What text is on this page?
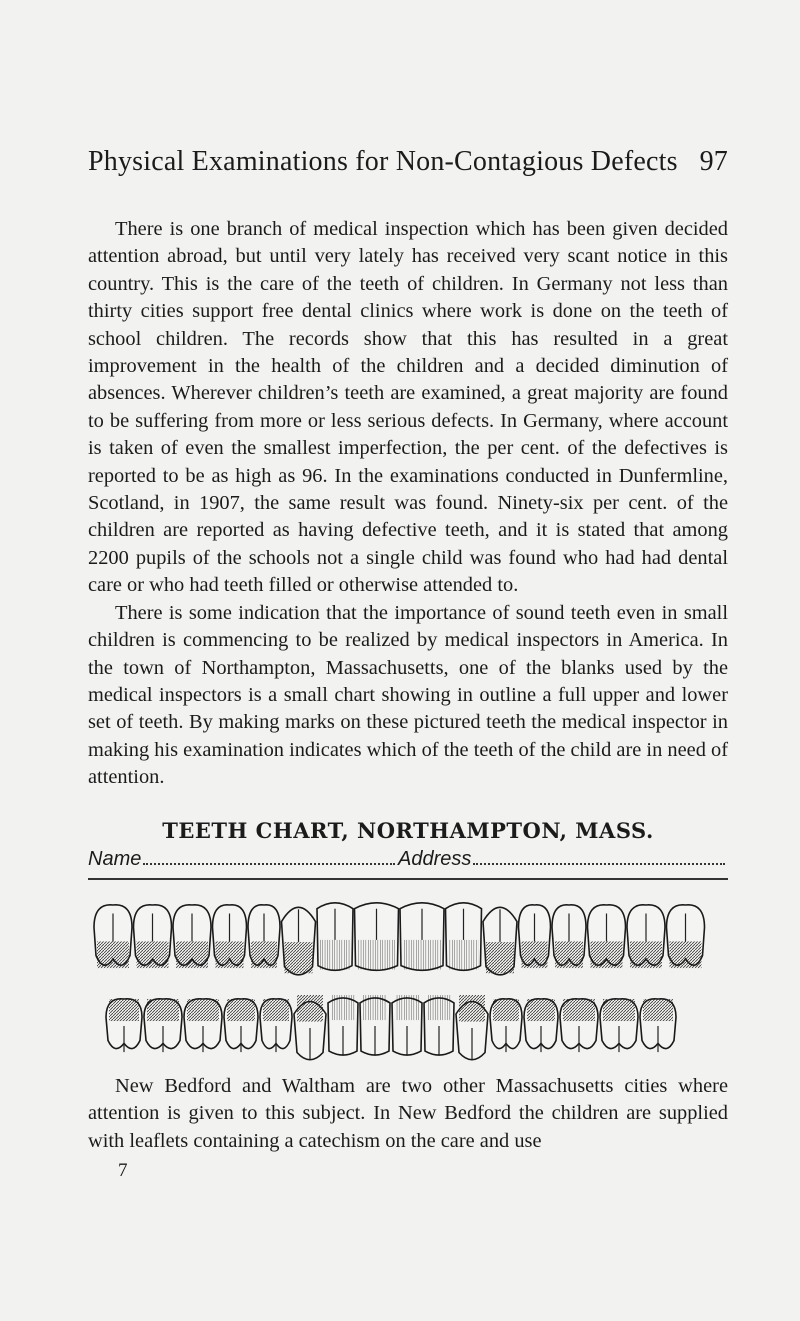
Physical Examinations for Non-Contagious Defects 97

There is one branch of medical inspection which has been given decided attention abroad, but until very lately has received very scant notice in this country. This is the care of the teeth of children. In Germany not less than thirty cities support free dental clinics where work is done on the teeth of school children. The records show that this has resulted in a great improvement in the health of the children and a decided diminution of absences. Wherever children’s teeth are examined, a great majority are found to be suffering from more or less serious defects. In Germany, where account is taken of even the smallest imperfection, the per cent. of the defectives is reported to be as high as 96. In the examinations conducted in Dunfermline, Scotland, in 1907, the same result was found. Ninety-six per cent. of the children are reported as having defective teeth, and it is stated that among 2200 pupils of the schools not a single child was found who had had dental care or who had teeth filled or otherwise attended to.

There is some indication that the importance of sound teeth even in small children is commencing to be realized by medical inspectors in America. In the town of Northampton, Massachusetts, one of the blanks used by the medical inspectors is a small chart showing in outline a full upper and lower set of teeth. By making marks on these pictured teeth the medical inspector in making his examination indicates which of the teeth of the child are in need of attention.

TEETH CHART, NORTHAMPTON, MASS.
Name	Address

New Bedford and Waltham are two other Massachusetts cities where attention is given to this subject. In New Bedford the children are supplied with leaflets containing a catechism on the care and use

7
